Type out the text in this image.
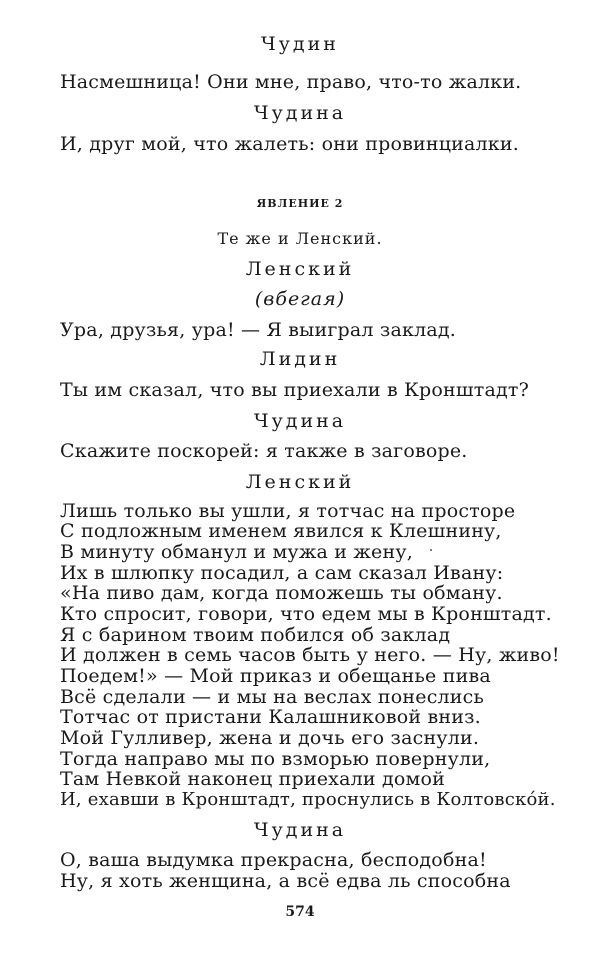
Чудин

Насмешница! Они мне, право, что-то жалки.

Чудина

И, друг мой, что жалеть: они провинциалки.

ЯВЛЕНИЕ 2

Те же и Ленский.

Ленский

(вбегая)

Ура, друзья, ура! — Я выиграл заклад.

Лидин

Ты им сказал, что вы приехали в Кронштадт?

Чудина

Скажите поскорей: я также в заговоре.

Ленский

Лишь только вы ушли, я тотчас на просторе

С подложным именем явился к Клешнину,

В минуту обманул и мужа и жену,

Их в шлюпку посадил, а сам сказал Ивану:

«На пиво дам, когда поможешь ты обману.

Кто спросит, говори, что едем мы в Кронштадт.

Я с барином твоим побился об заклад

И должен в семь часов быть у него. — Ну, живо!

Поедем!» — Мой приказ и обещанье пива

Всё сделали — и мы на веслах понеслись

Тотчас от пристани Калашниковой вниз.

Мой Гулливер, жена и дочь его заснули.

Тогда направо мы по взморью повернули,

Там Невкой наконец приехали домой

И, ехавши в Кронштадт, проснулись в Колтовско́й.

Чудина

О, ваша выдумка прекрасна, бесподобна!

Ну, я хоть женщина, а всё едва ль способна

574
